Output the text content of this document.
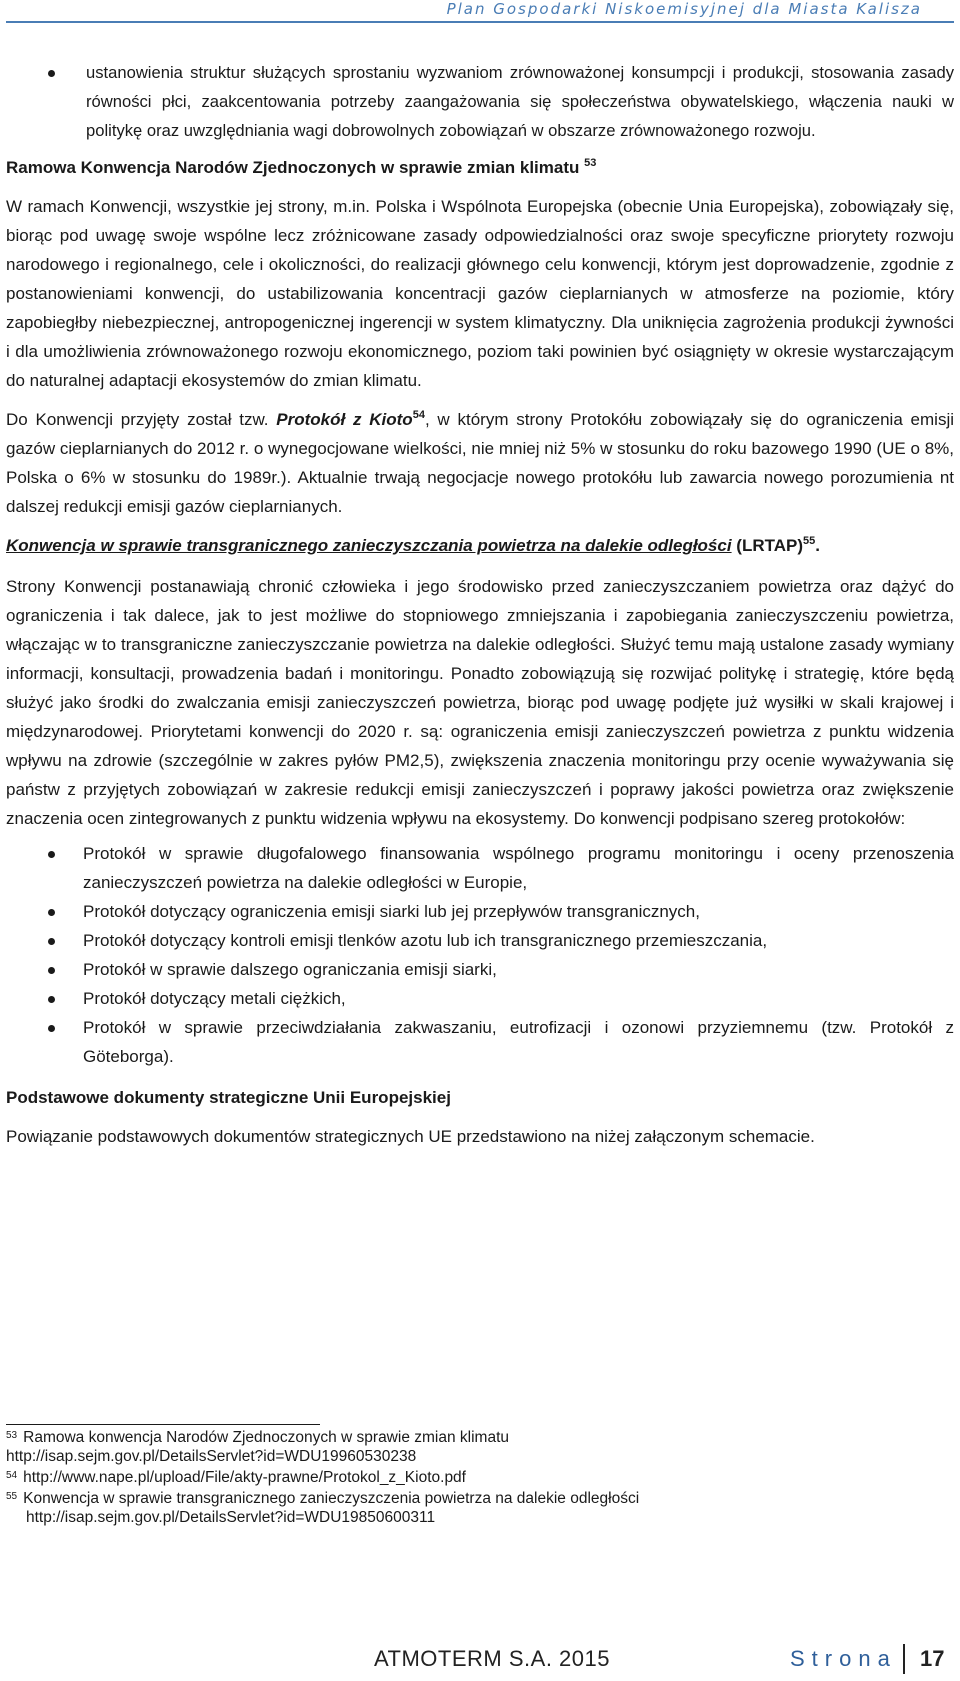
Plan Gospodarki Niskoemisyjnej dla Miasta Kalisza
ustanowienia struktur służących sprostaniu wyzwaniom zrównoważonej konsumpcji i produkcji, stosowania zasady równości płci, zaakcentowania potrzeby zaangażowania się społeczeństwa obywatelskiego, włączenia nauki w politykę oraz uwzględniania wagi dobrowolnych zobowiązań w obszarze zrównoważonego rozwoju.

Ramowa Konwencja Narodów Zjednoczonych w sprawie zmian klimatu $^{53}$

W ramach Konwencji, wszystkie jej strony, m.in. Polska i Wspólnota Europejska (obecnie Unia Europejska), zobowiązały się, biorąc pod uwagę swoje wspólne lecz zróżnicowane zasady odpowiedzialności oraz swoje specyficzne priorytety rozwoju narodowego i regionalnego, cele i okoliczności, do realizacji głównego celu konwencji, którym jest doprowadzenie, zgodnie z postanowieniami konwencji, do ustabilizowania koncentracji gazów cieplarnianych w atmosferze na poziomie, który zapobiegłby niebezpiecznej, antropogenicznej ingerencji w system klimatyczny. Dla uniknięcia zagrożenia produkcji żywności i dla umożliwienia zrównoważonego rozwoju ekonomicznego, poziom taki powinien być osiągnięty w okresie wystarczającym do naturalnej adaptacji ekosystemów do zmian klimatu.

Do Konwencji przyjęty został tzw. Protokół z Kioto$^{54}$, w którym strony Protokółu zobowiązały się do ograniczenia emisji gazów cieplarnianych do 2012 r. o wynegocjowane wielkości, nie mniej niż 5% w stosunku do roku bazowego 1990 (UE o 8%, Polska o 6% w stosunku do 1989r.). Aktualnie trwają negocjacje nowego protokółu lub zawarcia nowego porozumienia nt dalszej redukcji emisji gazów cieplarnianych.

Konwencja w sprawie transgranicznego zanieczyszczania powietrza na dalekie odległości (LRTAP)$^{55}$.

Strony Konwencji postanawiają chronić człowieka i jego środowisko przed zanieczyszczaniem powietrza oraz dążyć do ograniczenia i tak dalece, jak to jest możliwe do stopniowego zmniejszania i zapobiegania zanieczyszczeniu powietrza, włączając w to transgraniczne zanieczyszczanie powietrza na dalekie odległości. Służyć temu mają ustalone zasady wymiany informacji, konsultacji, prowadzenia badań i monitoringu. Ponadto zobowiązują się rozwijać politykę i strategię, które będą służyć jako środki do zwalczania emisji zanieczyszczeń powietrza, biorąc pod uwagę podjęte już wysiłki w skali krajowej i międzynarodowej. Priorytetami konwencji do 2020 r. są: ograniczenia emisji zanieczyszczeń powietrza z punktu widzenia wpływu na zdrowie (szczególnie w zakres pyłów PM2,5), zwiększenia znaczenia monitoringu przy ocenie wyważywania się państw z przyjętych zobowiązań w zakresie redukcji emisji zanieczyszczeń i poprawy jakości powietrza oraz zwiększenie znaczenia ocen zintegrowanych z punktu widzenia wpływu na ekosystemy. Do konwencji podpisano szereg protokołów:

Protokół w sprawie długofalowego finansowania wspólnego programu monitoringu i oceny przenoszenia zanieczyszczeń powietrza na dalekie odległości w Europie,
Protokół dotyczący ograniczenia emisji siarki lub jej przepływów transgranicznych,
Protokół dotyczący kontroli emisji tlenków azotu lub ich transgranicznego przemieszczania,
Protokół w sprawie dalszego ograniczania emisji siarki,
Protokół dotyczący metali ciężkich,
Protokół w sprawie przeciwdziałania zakwaszaniu, eutrofizacji i ozonowi przyziemnemu (tzw. Protokół z Göteborga).

Podstawowe dokumenty strategiczne Unii Europejskiej

Powiązanie podstawowych dokumentów strategicznych UE przedstawiono na niżej załączonym schemacie.

$^{53}$ Ramowa konwencja Narodów Zjednoczonych w sprawie zmian klimatu

http://isap.sejm.gov.pl/DetailsServlet?id=WDU19960530238

$^{54}$ http://www.nape.pl/upload/File/akty-prawne/Protokol_z_Kioto.pdf

$^{55}$ Konwencja w sprawie transgranicznego zanieczyszczenia powietrza na dalekie odległości

http://isap.sejm.gov.pl/DetailsServlet?id=WDU19850600311

ATMOTERM S.A. 2015	Strona 17
